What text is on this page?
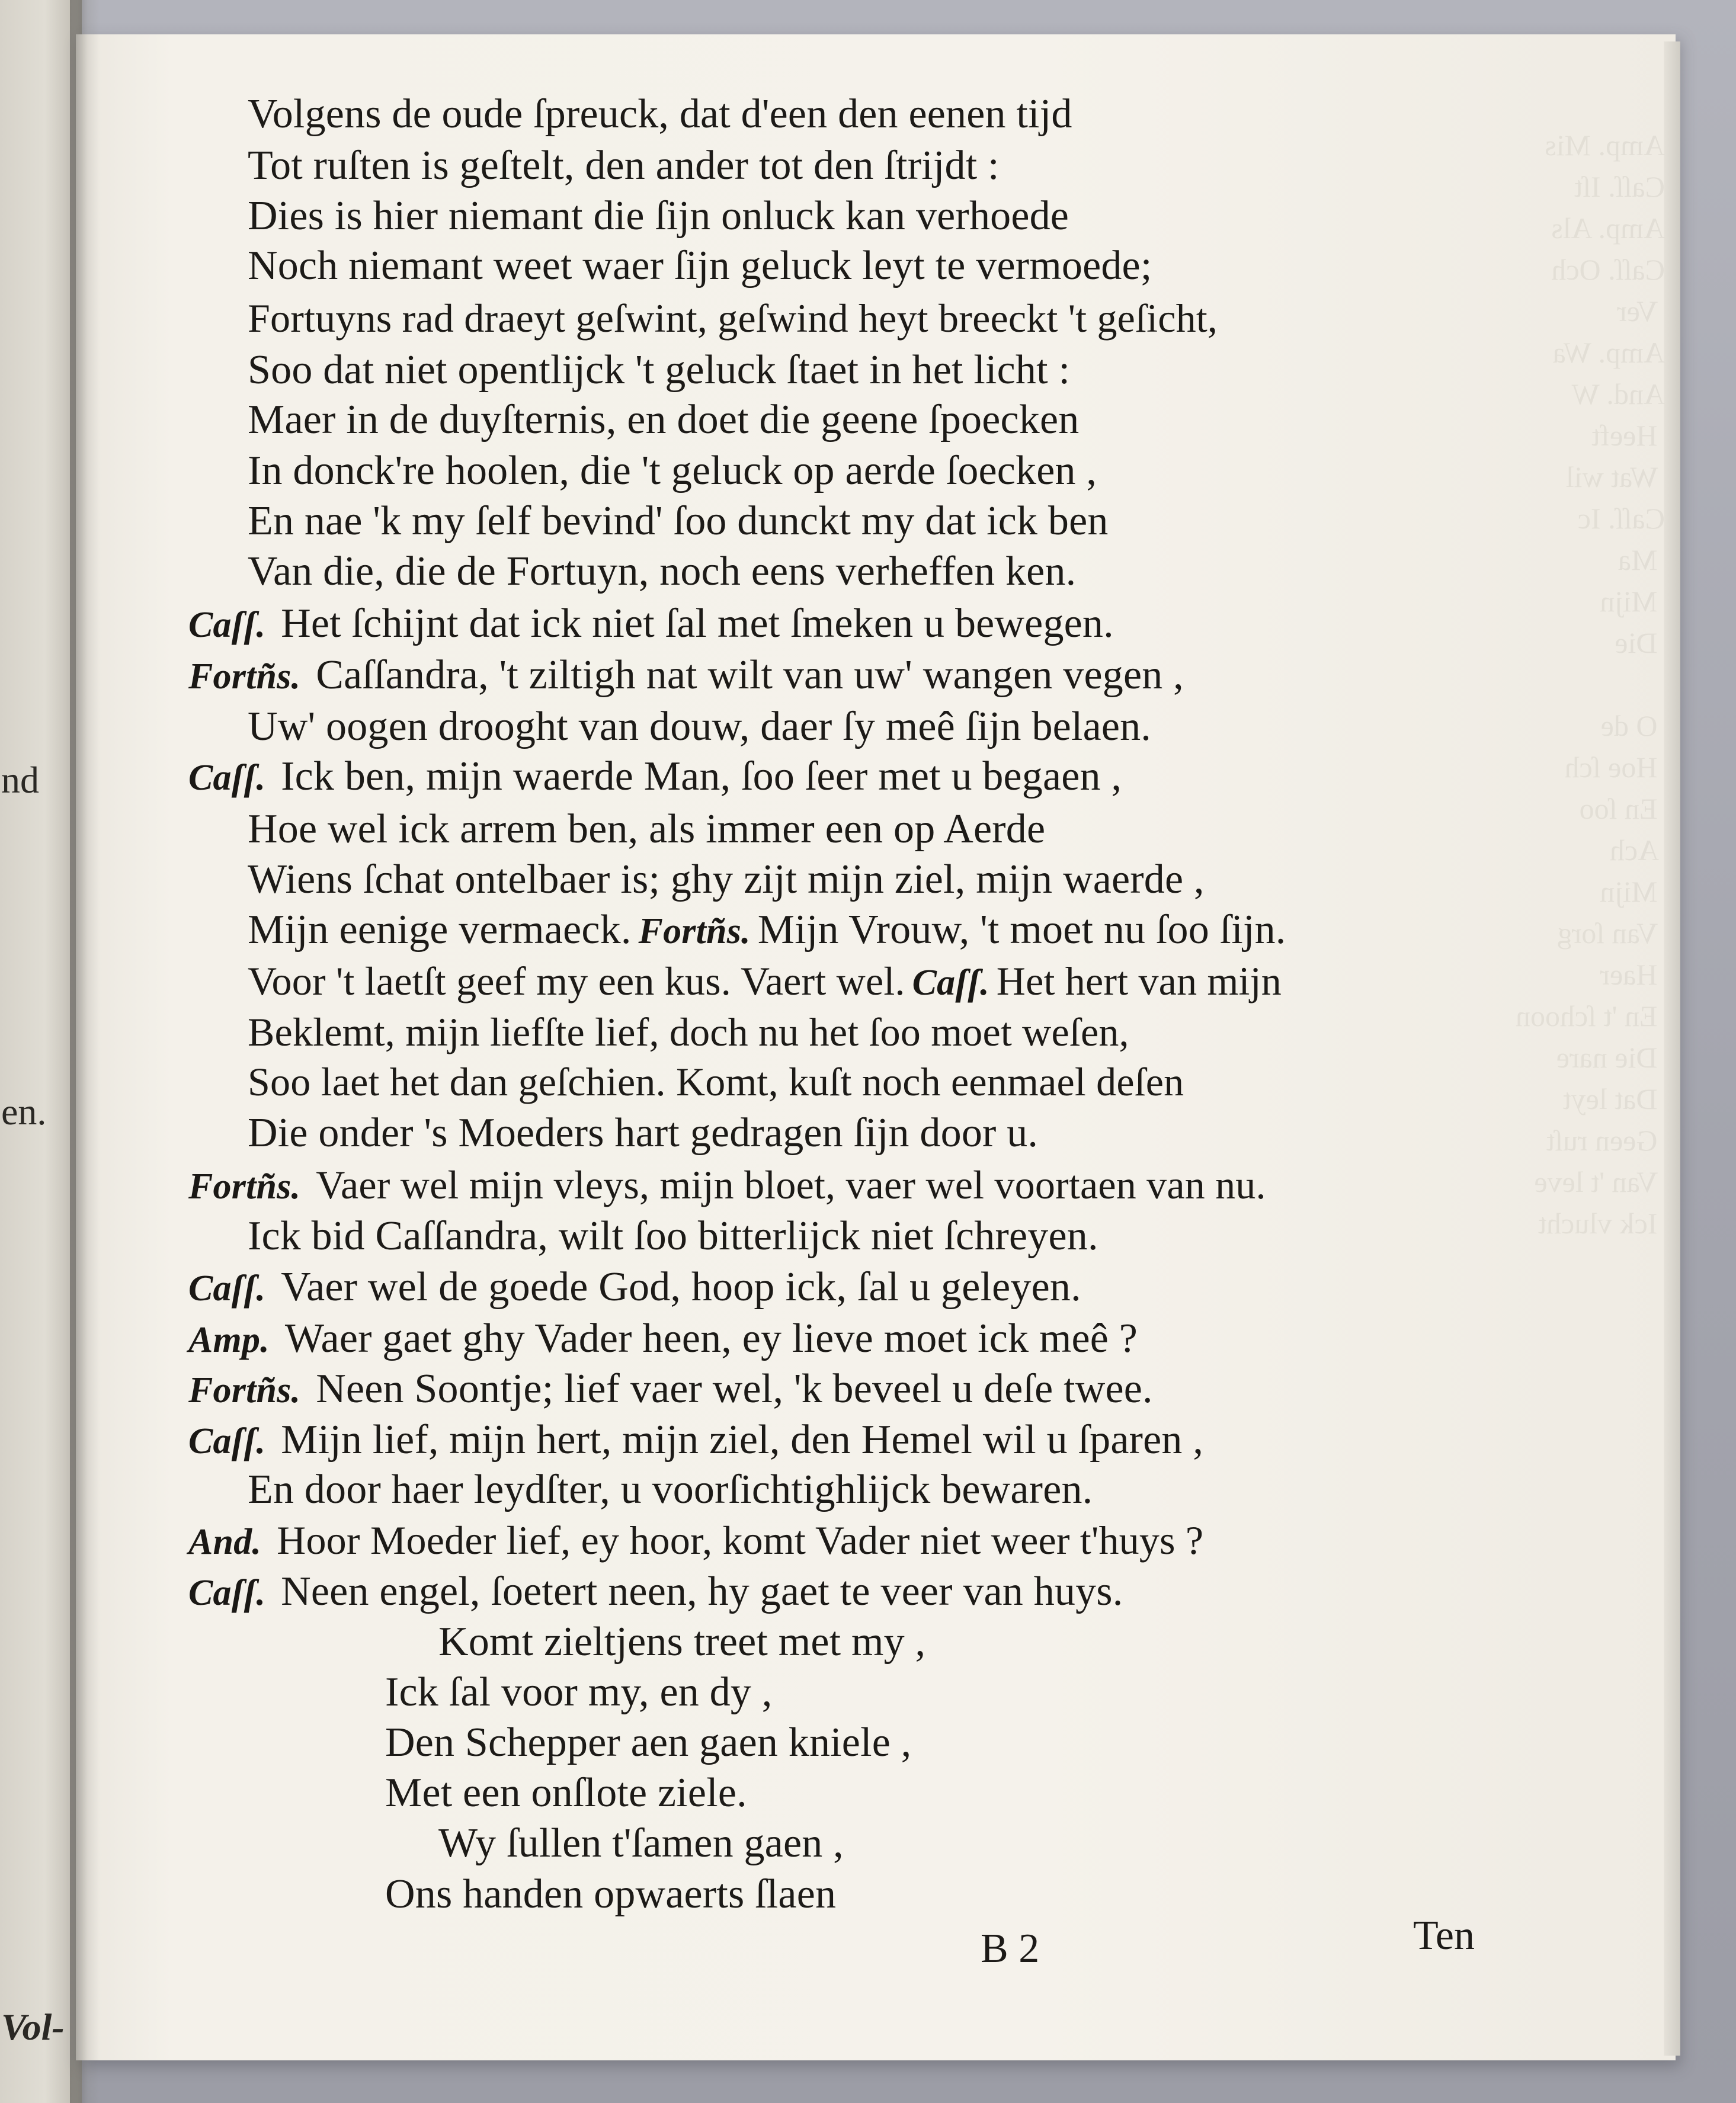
Amp. Mis
Caſſ. Iſt
Amp. Als
Caſſ. Och
Ver
Amp. Wa
And. W
Heeft
Wat wil
Caſſ. Ic
Ma
Mijn
Die

O de
Hoe ſch
En ſoo
Ach
Mijn
Van ſorg
Haer
En 't ſchoon
Die nare
Dat leyt
Geen ruſt
Van 't leve
Ick vlucht

nd
en.
Vol-
Volgens de oude ſpreuck, dat d'een den eenen tijd
Tot ruſten is geſtelt, den ander tot den ſtrijdt :
Dies is hier niemant die ſijn onluck kan verhoede
Noch niemant weet waer ſijn geluck leyt te vermoede;
Fortuyns rad draeyt geſwint, geſwind heyt breeckt 't geſicht,
Soo dat niet opentlijck 't geluck ſtaet in het licht :
Maer in de duyſternis, en doet die geene ſpoecken
In donck're hoolen, die 't geluck op aerde ſoecken ,
En nae 'k my ſelf bevind' ſoo dunckt my dat ick ben
Van die, die de Fortuyn, noch eens verheffen ken.
Caſſ. Het ſchijnt dat ick niet ſal met ſmeken u bewegen.
Fortñs. Caſſandra, 't ziltigh nat wilt van uw' wangen vegen ,
Uw' oogen drooght van douw, daer ſy meê ſijn belaen.
Caſſ. Ick ben, mijn waerde Man, ſoo ſeer met u begaen ,
Hoe wel ick arrem ben, als immer een op Aerde
Wiens ſchat ontelbaer is; ghy zijt mijn ziel, mijn waerde ,
Mijn eenige vermaeck. Fortñs. Mijn Vrouw, 't moet nu ſoo ſijn.
Voor 't laetſt geef my een kus. Vaert wel. Caſſ. Het hert van mijn
Beklemt, mijn liefſte lief, doch nu het ſoo moet weſen,
Soo laet het dan geſchien. Komt, kuſt noch eenmael deſen
Die onder 's Moeders hart gedragen ſijn door u.
Fortñs. Vaer wel mijn vleys, mijn bloet, vaer wel voortaen van nu.
Ick bid Caſſandra, wilt ſoo bitterlijck niet ſchreyen.
Caſſ. Vaer wel de goede God, hoop ick, ſal u geleyen.
Amp. Waer gaet ghy Vader heen, ey lieve moet ick meê ?
Fortñs. Neen Soontje; lief vaer wel, 'k beveel u deſe twee.
Caſſ. Mijn lief, mijn hert, mijn ziel, den Hemel wil u ſparen ,
En door haer leydſter, u voorſichtighlijck bewaren.
And. Hoor Moeder lief, ey hoor, komt Vader niet weer t'huys ?
Caſſ. Neen engel, ſoetert neen, hy gaet te veer van huys.
Komt zieltjens treet met my ,
Ick ſal voor my, en dy ,
Den Schepper aen gaen kniele ,
Met een onſlote ziele.
Wy ſullen t'ſamen gaen ,
Ons handen opwaerts ſlaen
B 2	Ten
